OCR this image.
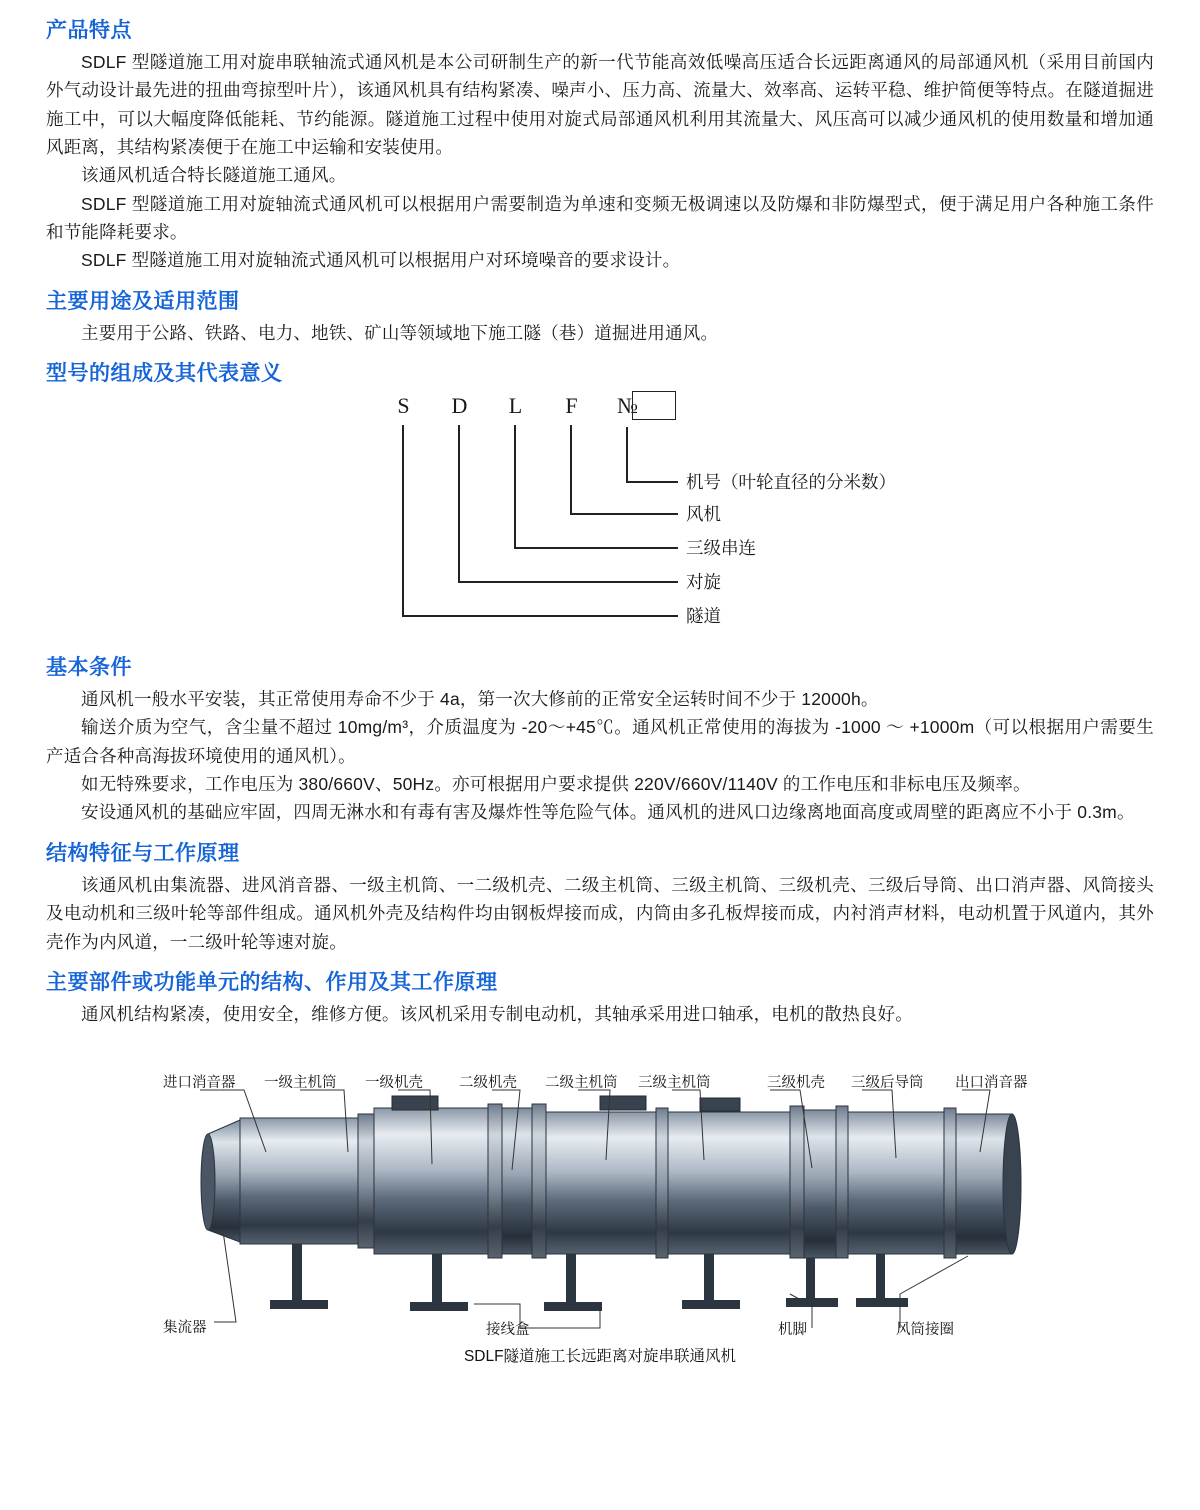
产品特点

SDLF 型隧道施工用对旋串联轴流式通风机是本公司研制生产的新一代节能高效低噪高压适合长远距离通风的局部通风机（采用目前国内外气动设计最先进的扭曲弯掠型叶片），该通风机具有结构紧凑、噪声小、压力高、流量大、效率高、运转平稳、维护简便等特点。在隧道掘进施工中，可以大幅度降低能耗、节约能源。隧道施工过程中使用对旋式局部通风机利用其流量大、风压高可以减少通风机的使用数量和增加通风距离，其结构紧凑便于在施工中运输和安装使用。

该通风机适合特长隧道施工通风。

SDLF 型隧道施工用对旋轴流式通风机可以根据用户需要制造为单速和变频无极调速以及防爆和非防爆型式，便于满足用户各种施工条件和节能降耗要求。

SDLF 型隧道施工用对旋轴流式通风机可以根据用户对环境噪音的要求设计。

主要用途及适用范围

主要用于公路、铁路、电力、地铁、矿山等领域地下施工隧（巷）道掘进用通风。

型号的组成及其代表意义
S	D	L	F	№
机号（叶轮直径的分米数）
风机
三级串连
对旋
隧道
基本条件

通风机一般水平安装，其正常使用寿命不少于 4a，第一次大修前的正常安全运转时间不少于 12000h。

输送介质为空气，含尘量不超过 10mg/m³，介质温度为 -20～+45℃。通风机正常使用的海拔为 -1000 ～ +1000m（可以根据用户需要生产适合各种高海拔环境使用的通风机）。

如无特殊要求，工作电压为 380/660V、50Hz。亦可根据用户要求提供 220V/660V/1140V 的工作电压和非标电压及频率。

安设通风机的基础应牢固，四周无淋水和有毒有害及爆炸性等危险气体。通风机的进风口边缘离地面高度或周壁的距离应不小于 0.3m。

结构特征与工作原理

该通风机由集流器、进风消音器、一级主机筒、一二级机壳、二级主机筒、三级主机筒、三级机壳、三级后导筒、出口消声器、风筒接头及电动机和三级叶轮等部件组成。通风机外壳及结构件均由钢板焊接而成，内筒由多孔板焊接而成，内衬消声材料，电动机置于风道内，其外壳作为内风道，一二级叶轮等速对旋。

主要部件或功能单元的结构、作用及其工作原理

通风机结构紧凑，使用安全，维修方便。该风机采用专制电动机，其轴承采用进口轴承，电机的散热良好。

进口消音器 一级主机筒 一级机壳 二级机壳 二级主机筒 三级主机筒	三级机壳 三级后导筒 出口消音器
集流器	接线盒	机脚	风筒接圈
SDLF隧道施工长远距离对旋串联通风机
